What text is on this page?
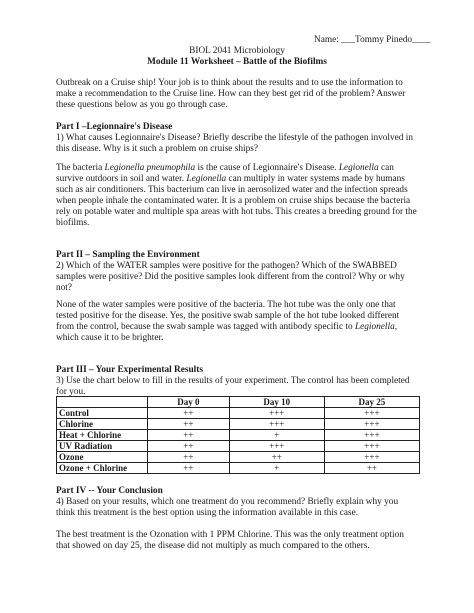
Name: ___Tommy Pinedo____
BIOL 2041 Microbiology
Module 11 Worksheet – Battle of the Biofilms
Outbreak on a Cruise ship! Your job is to think about the results and to use the information to
make a recommendation to the Cruise line. How can they best get rid of the problem? Answer
these questions below as you go through case.
Part I –Legionnaire's Disease
1) What causes Legionnaire's Disease? Briefly describe the lifestyle of the pathogen involved in
this disease. Why is it such a problem on cruise ships?
The bacteria Legionella pneumophila is the cause of Legionnaire's Disease. Legionella can
survive outdoors in soil and water. Legionella can multiply in water systems made by humans
such as air conditioners. This bacterium can live in aerosolized water and the infection spreads
when people inhale the contaminated water. It is a problem on cruise ships because the bacteria
rely on potable water and multiple spa areas with hot tubs. This creates a breeding ground for the
biofilms.
Part II – Sampling the Environment
2) Which of the WATER samples were positive for the pathogen? Which of the SWABBED
samples were positive? Did the positive samples look different from the control? Why or why
not?
None of the water samples were positive of the bacteria. The hot tube was the only one that
tested positive for the disease. Yes, the positive swab sample of the hot tube looked different
from the control, because the swab sample was tagged with antibody specific to Legionella,
which cause it to be brighter.
Part III – Your Experimental Results
3) Use the chart below to fill in the results of your experiment. The control has been completed
for you.
	Day 0	Day 10	Day 25
Control	++	+++	+++
Chlorine	++	+++	+++
Heat + Chlorine	++	+	+++
UV Radiation	++	+++	+++
Ozone	++	++	+++
Ozone + Chlorine	++	+	++
Part IV -- Your Conclusion
4) Based on your results, which one treatment do you recommend? Briefly explain why you
think this treatment is the best option using the information available in this case.
The best treatment is the Ozonation with 1 PPM Chlorine. This was the only treatment option
that showed on day 25, the disease did not multiply as much compared to the others.
